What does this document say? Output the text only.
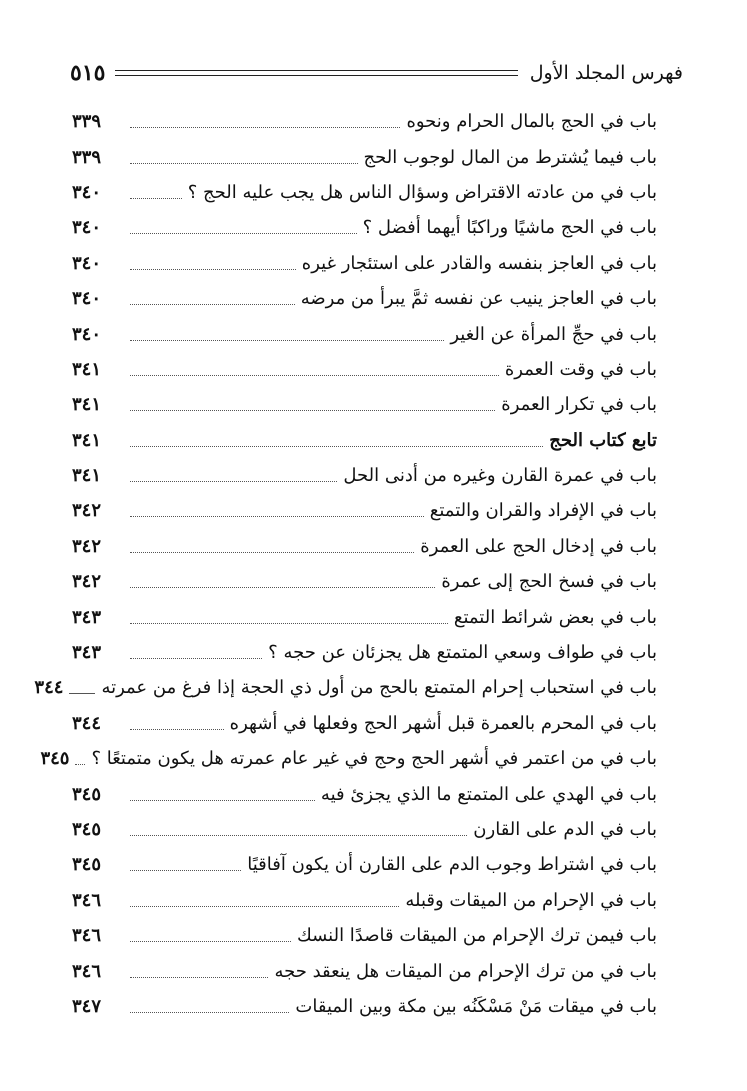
فهرس المجلد الأول
٥١٥
باب في الحج بالمال الحرام ونحوه
٣٣٩
باب فيما يُشترط من المال لوجوب الحج
٣٣٩
باب في من عادته الاقتراض وسؤال الناس هل يجب عليه الحج ؟
٣٤٠
باب في الحج ماشيًا وراكبًا أيهما أفضل ؟
٣٤٠
باب في العاجز بنفسه والقادر على استئجار غيره
٣٤٠
باب في العاجز ينيب عن نفسه ثمَّ يبرأ من مرضه
٣٤٠
باب في حجِّ المرأة عن الغير
٣٤٠
باب في وقت العمرة
٣٤١
باب في تكرار العمرة
٣٤١
تابع كتاب الحج
٣٤١
باب في عمرة القارن وغيره من أدنى الحل
٣٤١
باب في الإفراد والقران والتمتع
٣٤٢
باب في إدخال الحج على العمرة
٣٤٢
باب في فسخ الحج إلى عمرة
٣٤٢
باب في بعض شرائط التمتع
٣٤٣
باب في طواف وسعي المتمتع هل يجزئان عن حجه ؟
٣٤٣
باب في استحباب إحرام المتمتع بالحج من أول ذي الحجة إذا فرغ من عمرته
٣٤٤
باب في المحرم بالعمرة قبل أشهر الحج وفعلها في أشهره
٣٤٤
باب في من اعتمر في أشهر الحج وحج في غير عام عمرته هل يكون متمتعًا ؟
٣٤٥
باب في الهدي على المتمتع ما الذي يجزئ فيه
٣٤٥
باب في الدم على القارن
٣٤٥
باب في اشتراط وجوب الدم على القارن أن يكون آفاقيًا
٣٤٥
باب في الإحرام من الميقات وقبله
٣٤٦
باب فيمن ترك الإحرام من الميقات قاصدًا النسك
٣٤٦
باب في من ترك الإحرام من الميقات هل ينعقد حجه
٣٤٦
باب في ميقات مَنْ مَسْكَنُه بين مكة وبين الميقات
٣٤٧
